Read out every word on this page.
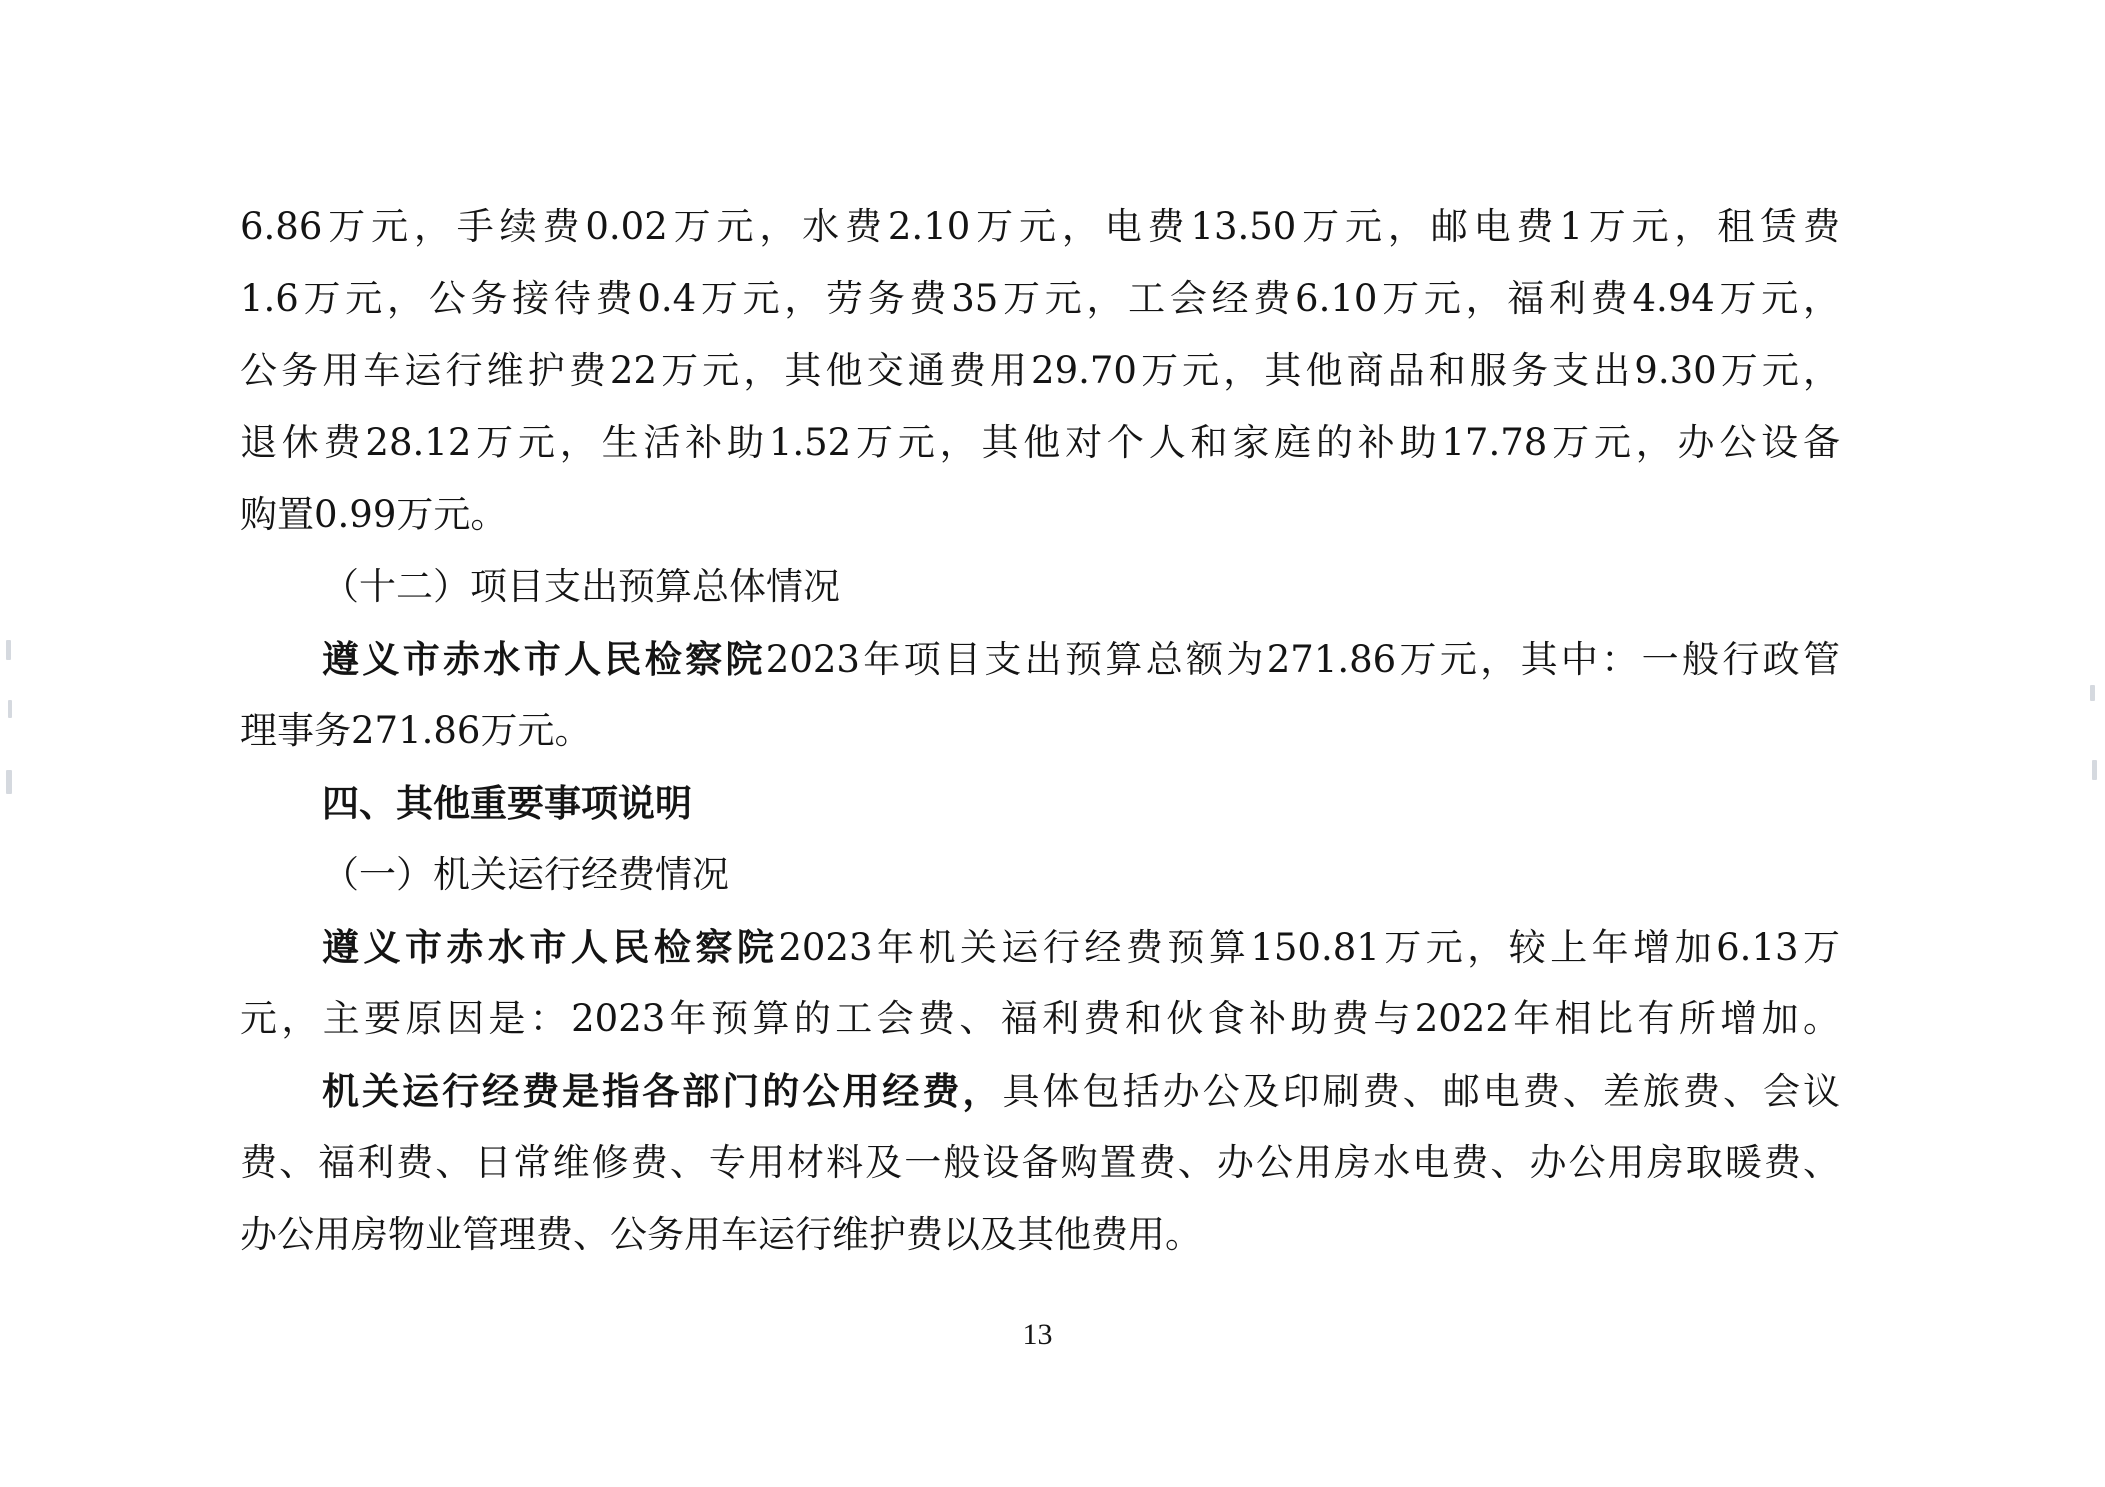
6.86万元，手续费0.02万元，水费2.10万元，电费13.50万元，邮电费1万元，租赁费
1.6万元，公务接待费0.4万元，劳务费35万元，工会经费6.10万元，福利费4.94万元，
公务用车运行维护费22万元，其他交通费用29.70万元，其他商品和服务支出9.30万元，
退休费28.12万元，生活补助1.52万元，其他对个人和家庭的补助17.78万元，办公设备
购置0.99万元。
（十二）项目支出预算总体情况
遵义市赤水市人民检察院2023年项目支出预算总额为271.86万元，其中：一般行政管
理事务271.86万元。
四、其他重要事项说明
（一）机关运行经费情况
遵义市赤水市人民检察院2023年机关运行经费预算150.81万元，较上年增加6.13万
元，主要原因是：2023年预算的工会费、福利费和伙食补助费与2022年相比有所增加。
机关运行经费是指各部门的公用经费，具体包括办公及印刷费、邮电费、差旅费、会议
费、福利费、日常维修费、专用材料及一般设备购置费、办公用房水电费、办公用房取暖费、
办公用房物业管理费、公务用车运行维护费以及其他费用。
13
